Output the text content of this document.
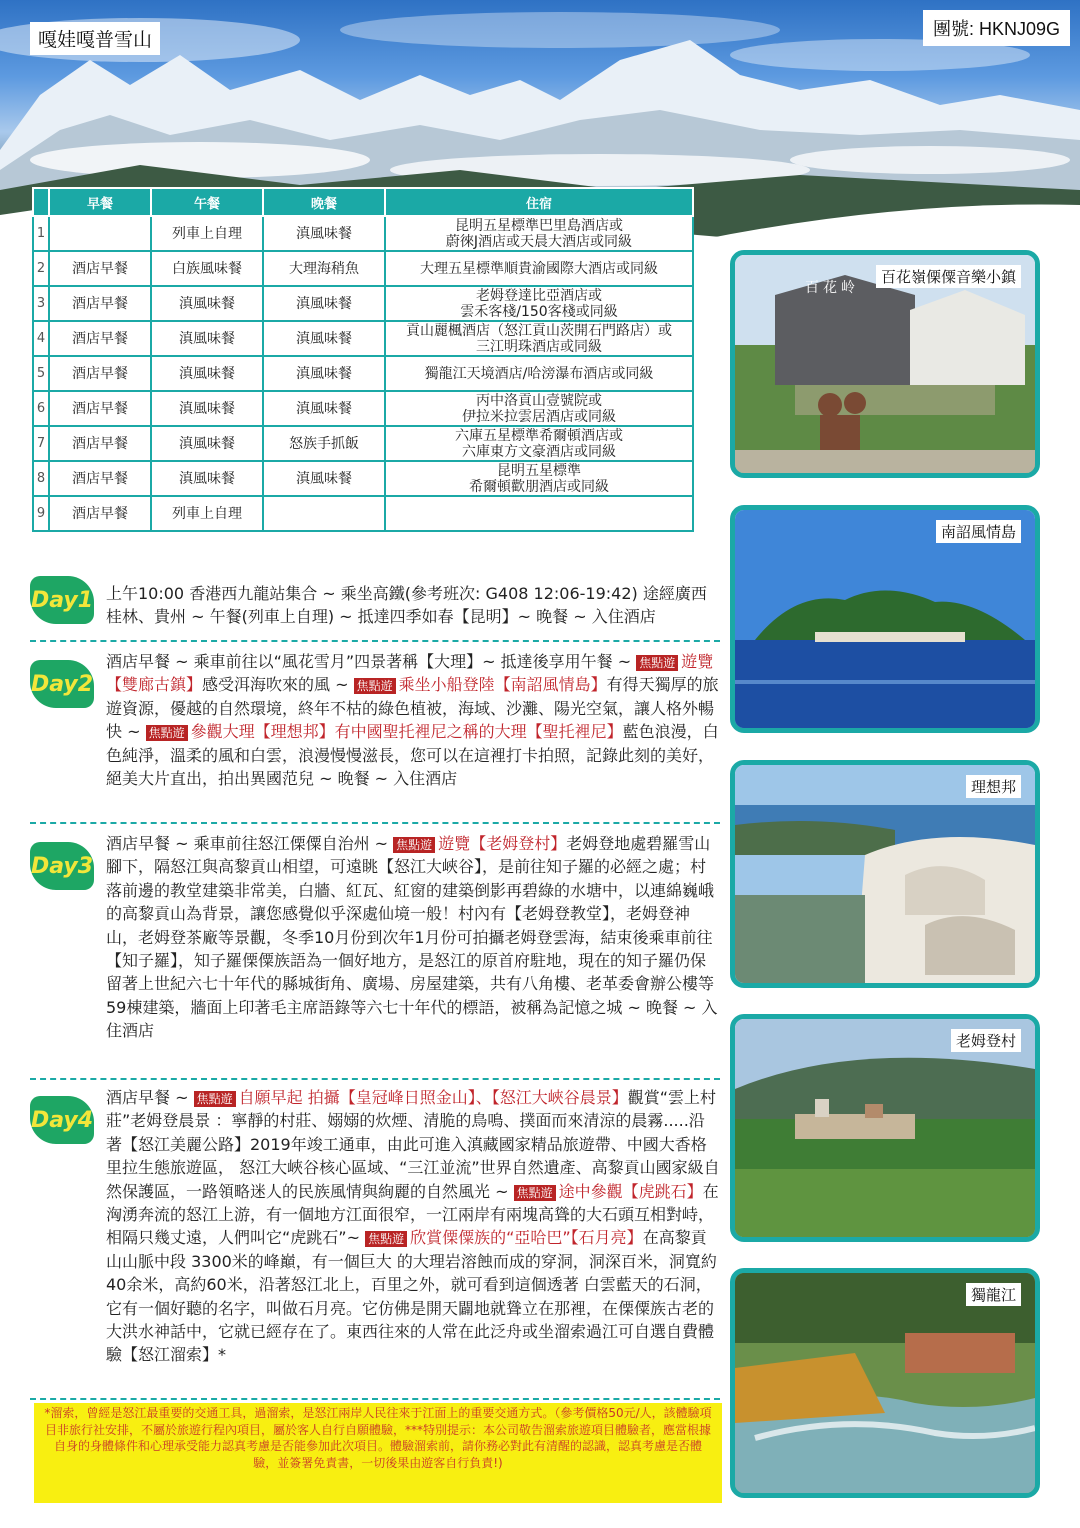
嘎娃嘎普雪山	團號: HKNJ09G
	早餐	午餐	晚餐	住宿
1		列車上自理	滇風味餐	昆明五星標準巴里島酒店或
蔚徠J酒店或天晨大酒店或同級

2	酒店早餐	白族風味餐	大理海稍魚	大理五星標準順貴渝國際大酒店或同級

3	酒店早餐	滇風味餐	滇風味餐	老姆登達比亞酒店或
雲禾客棧/150客棧或同級

4	酒店早餐	滇風味餐	滇風味餐	貢山麗楓酒店（怒江貢山茨開石門路店）或
三江明珠酒店或同級

5	酒店早餐	滇風味餐	滇風味餐	獨龍江天境酒店/哈滂瀑布酒店或同級

6	酒店早餐	滇風味餐	滇風味餐	丙中洛貢山壹號院或
伊拉米拉雲居酒店或同級

7	酒店早餐	滇風味餐	怒族手抓飯	六庫五星標準希爾頓酒店或
六庫東方文豪酒店或同級

8	酒店早餐	滇風味餐	滇風味餐	昆明五星標準
希爾頓歡朋酒店或同級

9	酒店早餐	列車上自理		
Day1 上午10:00 香港西九龍站集合 ~ 乘坐高鐵(參考班次: G408 12:06-19:42) 途經廣西桂林、貴州 ~ 午餐(列車上自理) ~ 抵達四季如春【昆明】~ 晚餐 ~ 入住酒店
Day2
酒店早餐 ~ 乘車前往以“風花雪月”四景著稱【大理】~ 抵達後享用午餐 ~ 焦點遊 遊覽【雙廊古鎮】感受洱海吹來的風 ~ 焦點遊 乘坐小船登陸【南詔風情島】有得天獨厚的旅遊資源，優越的自然環境，終年不枯的綠色植被，海域、沙灘、陽光空氣，讓人格外暢快 ~ 焦點遊 參觀大理【理想邦】有中國聖托裡尼之稱的大理【聖托裡尼】藍色浪漫，白色純淨，溫柔的風和白雲，浪漫慢慢滋長，您可以在這裡打卡拍照，記錄此刻的美好，絕美大片直出，拍出異國范兒 ~ 晚餐 ~ 入住酒店
Day3
酒店早餐 ~ 乘車前往怒江傈僳自治州 ~ 焦點遊 遊覽【老姆登村】老姆登地處碧羅雪山腳下，隔怒江與高黎貢山相望，可遠眺【怒江大峽谷】，是前往知子羅的必經之處；村落前邊的教堂建築非常美，白牆、紅瓦、紅窗的建築倒影再碧綠的水塘中，以連綿巍峨的高黎貢山為背景，讓您感覺似乎深處仙境一般！村內有【老姆登教堂】，老姆登神山，老姆登茶廠等景觀，冬季10月份到次年1月份可拍攝老姆登雲海，結束後乘車前往【知子羅】，知子羅傈僳族語為一個好地方，是怒江的原首府駐地，現在的知子羅仍保留著上世紀六七十年代的縣城街角、廣場、房屋建築，共有八角樓、老革委會辦公樓等59棟建築，牆面上印著毛主席語錄等六七十年代的標語，被稱為記憶之城 ~ 晚餐 ~ 入住酒店
Day4
酒店早餐 ~ 焦點遊 自願早起 拍攝【皇冠峰日照金山】、【怒江大峽谷晨景】觀賞“雲上村莊”老姆登晨景 ：寧靜的村莊、嫋嫋的炊煙、清脆的鳥鳴、撲面而來清涼的晨霧.....沿著【怒江美麗公路】2019年竣工通車，由此可進入滇藏國家精品旅遊帶、中國大香格里拉生態旅遊區， 怒江大峽谷核心區域、“三江並流”世界自然遺產、高黎貢山國家級自然保護區，一路領略迷人的民族風情與絢麗的自然風光 ~ 焦點遊 途中參觀【虎跳石】在洶湧奔流的怒江上游，有一個地方江面很窄，一江兩岸有兩塊高聳的大石頭互相對峙，相隔只幾丈遠，人們叫它“虎跳石”~ 焦點遊 欣賞傈僳族的“亞哈巴”【石月亮】在高黎貢山山脈中段 3300米的峰巔，有一個巨大 的大理岩溶蝕而成的穿洞，洞深百米，洞寬約40余米，高約60米，沿著怒江北上，百里之外，就可看到這個透著 白雲藍天的石洞，它有一個好聽的名字，叫做石月亮。它仿佛是開天闢地就聳立在那裡，在傈僳族古老的大洪水神話中，它就已經存在了。東西往來的人常在此泛舟或坐溜索過江可自選自費體驗【怒江溜索】*
*溜索，曾經是怒江最重要的交通工具，過溜索，是怒江兩岸人民往來于江面上的重要交通方式。（參考價格50元/人，該體驗項目非旅行社安排，不屬於旅遊行程內項目，屬於客人自行自願體驗，***特別提示：本公司敬告溜索旅遊項目體驗者，應當根據自身的身體條件和心理承受能力認真考慮是否能參加此次項目。體驗溜索前，請你務必對此有清醒的認識，認真考慮是否體驗，並簽署免責書，一切後果由遊客自行負責!)
百花岭
百花嶺傈僳音樂小鎮
南詔風情島
理想邦
老姆登村
獨龍江
